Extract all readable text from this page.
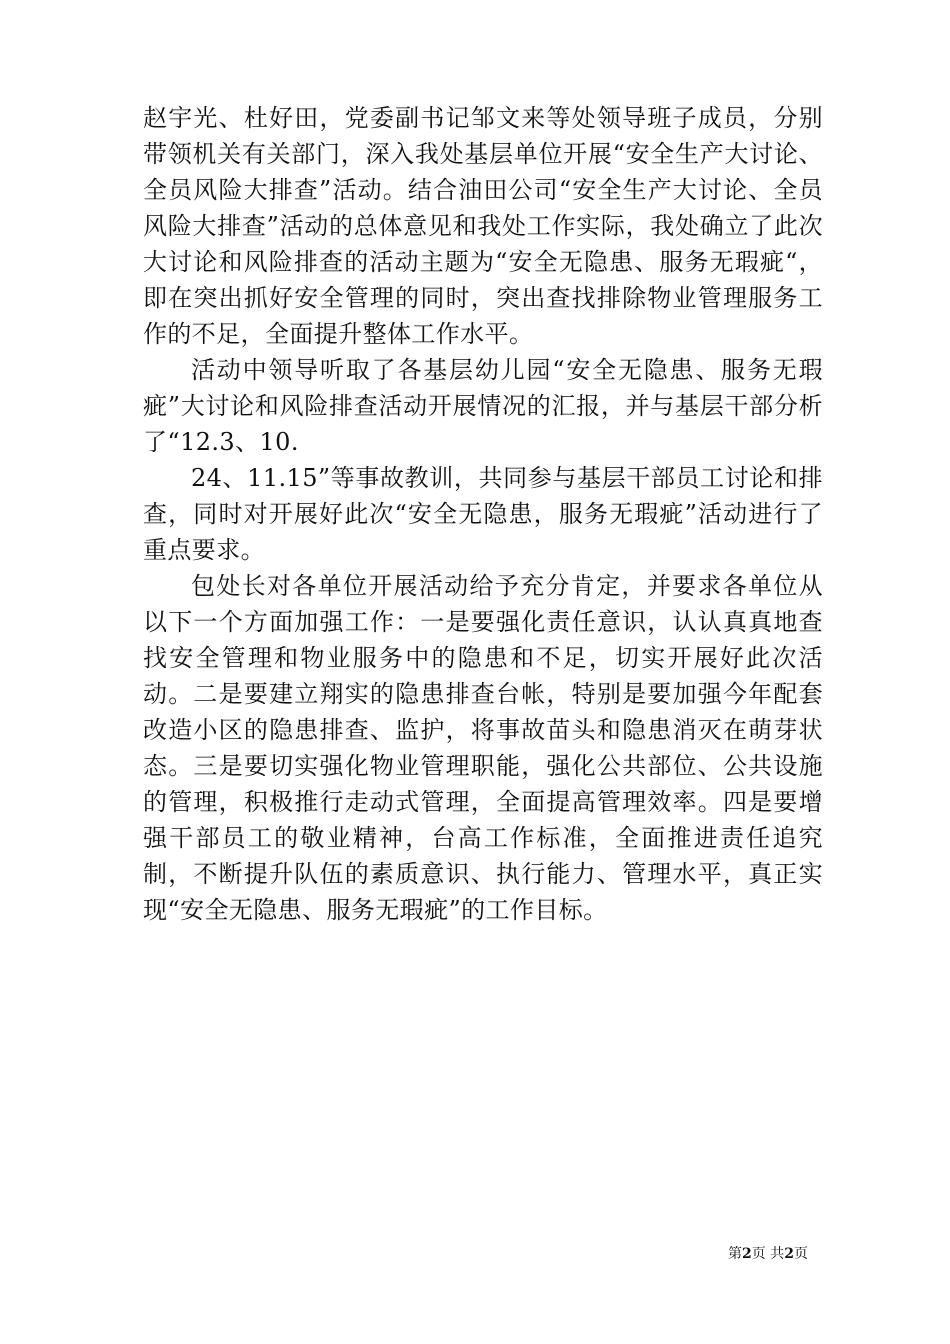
赵宇光、杜好田，党委副书记邹文来等处领导班子成员，分别带领机关有关部门，深入我处基层单位开展“安全生产大讨论、全员风险大排查”活动。结合油田公司“安全生产大讨论、全员风险大排查”活动的总体意见和我处工作实际，我处确立了此次大讨论和风险排查的活动主题为“安全无隐患、服务无瑕疵“，即在突出抓好安全管理的同时，突出查找排除物业管理服务工作的不足，全面提升整体工作水平。

活动中领导听取了各基层幼儿园“安全无隐患、服务无瑕疵”大讨论和风险排查活动开展情况的汇报，并与基层干部分析了“12.3、10.

24、11.15”等事故教训，共同参与基层干部员工讨论和排查，同时对开展好此次“安全无隐患，服务无瑕疵”活动进行了重点要求。

包处长对各单位开展活动给予充分肯定，并要求各单位从以下一个方面加强工作：一是要强化责任意识，认认真真地查找安全管理和物业服务中的隐患和不足，切实开展好此次活动。二是要建立翔实的隐患排查台帐，特别是要加强今年配套改造小区的隐患排查、监护，将事故苗头和隐患消灭在萌芽状态。三是要切实强化物业管理职能，强化公共部位、公共设施的管理，积极推行走动式管理，全面提高管理效率。四是要增强干部员工的敬业精神，台高工作标准，全面推进责任追究制，不断提升队伍的素质意识、执行能力、管理水平，真正实现“安全无隐患、服务无瑕疵”的工作目标。

第2页 共2页
